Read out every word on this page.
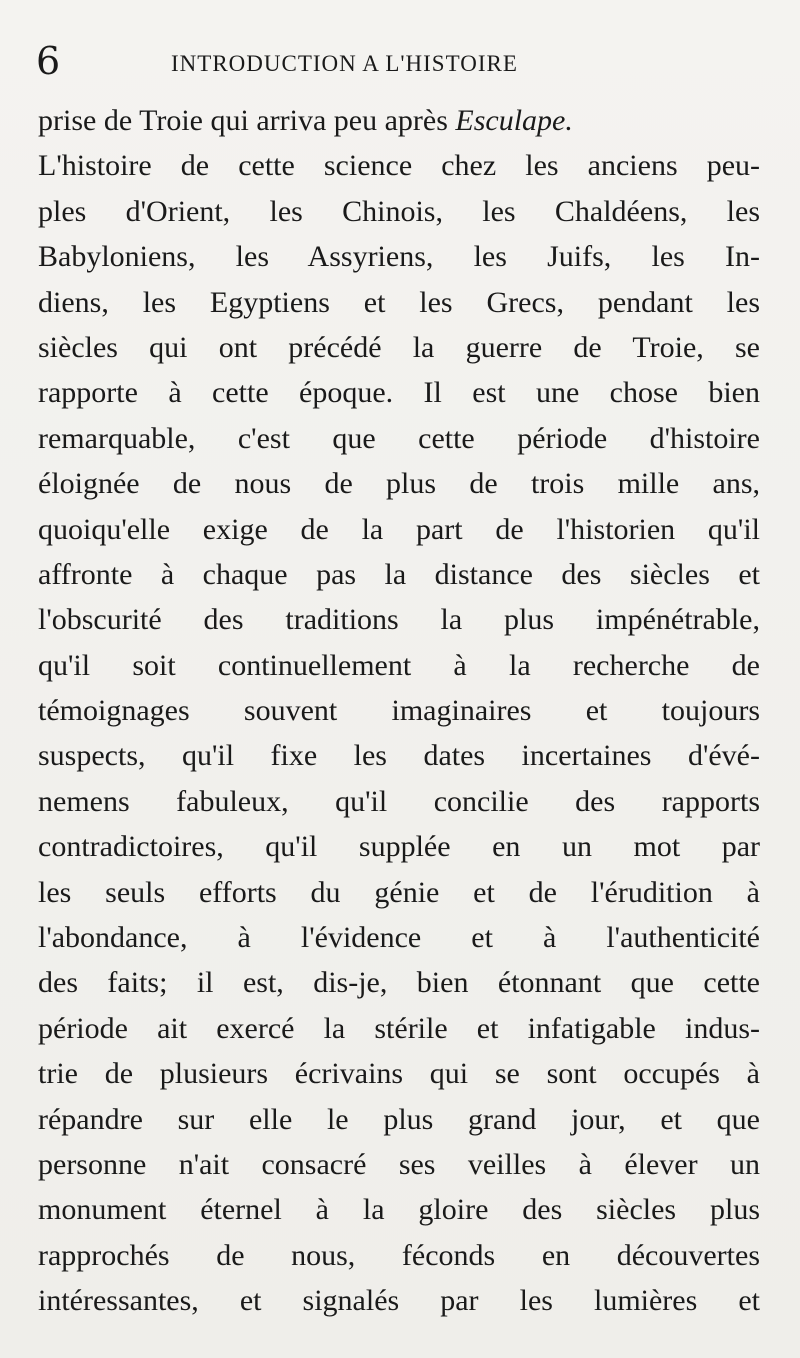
6	INTRODUCTION A L'HISTOIRE
prise de Troie qui arriva peu après Esculape.
L'histoire de cette science chez les anciens peu-
ples d'Orient, les Chinois, les Chaldéens, les
Babyloniens, les Assyriens, les Juifs, les In-
diens, les Egyptiens et les Grecs, pendant les
siècles qui ont précédé la guerre de Troie, se
rapporte à cette époque. Il est une chose bien
remarquable, c'est que cette période d'histoire
éloignée de nous de plus de trois mille ans,
quoiqu'elle exige de la part de l'historien qu'il
affronte à chaque pas la distance des siècles et
l'obscurité des traditions la plus impénétrable,
qu'il soit continuellement à la recherche de
témoignages souvent imaginaires et toujours
suspects, qu'il fixe les dates incertaines d'évé-
nemens fabuleux, qu'il concilie des rapports
contradictoires, qu'il supplée en un mot par
les seuls efforts du génie et de l'érudition à
l'abondance, à l'évidence et à l'authenticité
des faits; il est, dis-je, bien étonnant que cette
période ait exercé la stérile et infatigable indus-
trie de plusieurs écrivains qui se sont occupés à
répandre sur elle le plus grand jour, et que
personne n'ait consacré ses veilles à élever un
monument éternel à la gloire des siècles plus
rapprochés de nous, féconds en découvertes
intéressantes, et signalés par les lumières et
